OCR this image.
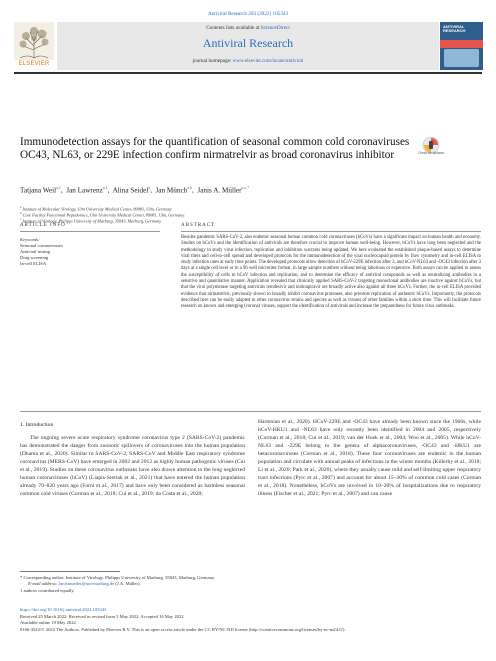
Antiviral Research 203 (2022) 105343
Contents lists available at ScienceDirect
Antiviral Research
journal homepage: www.elsevier.com/locate/antiviral
ELSEVIER
ANTIVIRAL RESEARCH
Immunodetection assays for the quantification of seasonal common cold coronaviruses OC43, NL63, or 229E infection confirm nirmatrelvir as broad coronavirus inhibitor	Check for updates
Tatjana Weil$^{a,1}$,  Jan Lawrenz$^{a,1}$,  Alina Seidel$^a$,  Jan Münch$^{a,b}$,  Janis A. Müller$^{a,c,*}$
$^a$ Institute of Molecular Virology, Ulm University Medical Center, 89081, Ulm, Germany
$^b$ Core Facility Functional Peptidomics, Ulm University Medical Center, 89081, Ulm, Germany
$^c$ Institute of Virology, Philipps University of Marburg, 35043, Marburg, Germany
ARTICLE INFO
Keywords:
Seasonal coronaviruses
Antiviral testing
Drug screening
In-cell ELISA
ABSTRACT
Besides pandemic SARS-CoV-2, also endemic seasonal human common cold coronaviruses (hCoVs) have a significant impact on human health and economy. Studies on hCoVs and the identification of antivirals are therefore crucial to improve human well-being. However, hCoVs have long been neglected and the methodology to study virus infection, replication and inhibition warrants being updated. We here evaluated the established plaque-based assays to determine viral titers and cell-to-cell spread and developed protocols for the immunodetection of the viral nucleocapsid protein by flow cytometry and in-cell ELISA to study infection rates at early time points. The developed protocols allow detection of hCoV-229E infection after 2, and hCoV-NL63 and -OC43 infection after 3 days at a single cell level or in a 96 well microtiter format, in large sample numbers without being laborious or expensive. Both assays can be applied to assess the susceptibility of cells to hCoV infection and replication, and to determine the efficacy of antiviral compounds as well as neutralizing antibodies in a sensitive and quantitative manner. Application revealed that clinically applied SARS-CoV-2 targeting monoclonal antibodies are inactive against hCoVs, but that the viral polymerase targeting antivirals remdesivir and molnupiravir are broadly active also against all three hCoVs. Further, the in-cell ELISA provided evidence that nirmatrelvir, previously shown to broadly inhibit coronavirus proteases, also prevents replication of authentic hCoVs. Importantly, the protocols described here can be easily adapted to other coronavirus strains and species as well as viruses of other families within a short time. This will facilitate future research on known and emerging (corona) viruses, support the identification of antivirals and increase the preparedness for future virus outbreaks.
1. Introduction
The ongoing severe acute respiratory syndrome coronavirus type 2 (SARS-CoV-2) pandemic has demonstrated the danger from zoonotic spillovers of coronaviruses into the human population (Dhama et al., 2020). Similar to SARS-CoV-2, SARS-CoV and Middle East respiratory syndrome coronavirus (MERS-CoV) have emerged in 2002 and 2012 as highly human pathogenic viruses (Cui et al., 2019). Studies on these coronavirus outbreaks have also drawn attention to the long neglected human coronaviruses (hCoV) (Liapis-Stertak et al., 2021) that have entered the human population already 70–820 years ago (Forni et al., 2017) and have only been considered as harmless seasonal common cold viruses (Corman et al., 2018; Cui et al., 2019; da Costa et al., 2020;
Hartenian et al., 2020). HCoV-229E and -OC43 have already been known since the 1960s, while hCoV-HKU1 and -NL63 have only recently been identified in 2004 and 2005, respectively (Corman et al., 2018; Cui et al., 2019; van der Hoek et al., 2004; Woo et al., 2005). While hCoV-NL63 and -229E belong to the genera of alphacoronaviruses, -OC43 and -HKU1 are betacoronaviruses (Corman et al., 2018). These four coronaviruses are endemic in the human population and circulate with annual peaks of infections in the winter months (Killerby et al., 2018; Li et al., 2020; Park et al., 2020), where they usually cause mild and self-limiting upper respiratory tract infections (Pyrc et al., 2007) and account for about 15–30% of common cold cases (Corman et al., 2018). Nonetheless, hCoVs are involved in 10–20% of hospitalizations due to respiratory illness (Fischer et al., 2021; Pyrc et al., 2007) and can cause
* Corresponding author. Institute of Virology, Philipps University of Marburg, 35043, Marburg, Germany.
E-mail address: Janismueller@uni-marburg.de (J.A. Müller).
1 authors contributed equally.
https://doi.org/10.1016/j.antiviral.2022.105343
Received 25 March 2022; Received in revised form 5 May 2022; Accepted 16 May 2022
Available online 19 May 2022
0166-3542/© 2022 The Authors. Published by Elsevier B.V. This is an open access article under the CC BY-NC-ND license (http://creativecommons.org/licenses/by-nc-nd/4.0/).
